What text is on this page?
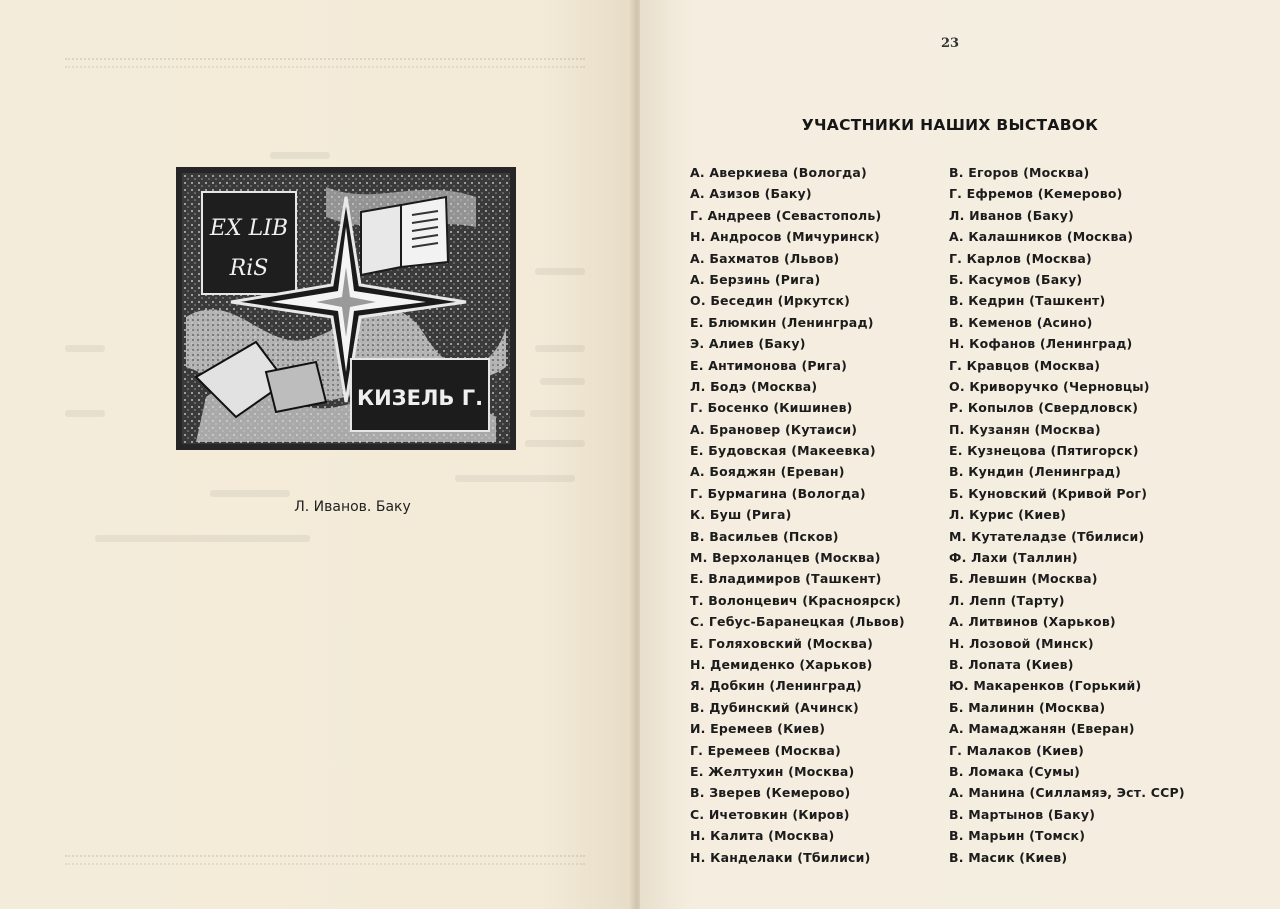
ЕX LIB
RiS
КИЗЕЛЬ Г.
Л. Иванов. Баку
23
УЧАСТНИКИ НАШИХ ВЫСТАВОК
А. Аверкиева (Вологда)
А. Азизов (Баку)
Г. Андреев (Севастополь)
Н. Андросов (Мичуринск)
А. Бахматов (Львов)
А. Берзинь (Рига)
О. Беседин (Иркутск)
Е. Блюмкин (Ленинград)
Э. Алиев (Баку)
Е. Антимонова (Рига)
Л. Бодэ (Москва)
Г. Босенко (Кишинев)
А. Брановер (Кутаиси)
Е. Будовская (Макеевка)
А. Бояджян (Ереван)
Г. Бурмагина (Вологда)
К. Буш (Рига)
В. Васильев (Псков)
М. Верхоланцев (Москва)
Е. Владимиров (Ташкент)
Т. Волонцевич (Красноярск)
С. Гебус-Баранецкая (Львов)
Е. Голяховский (Москва)
Н. Демиденко (Харьков)
Я. Добкин (Ленинград)
В. Дубинский (Ачинск)
И. Еремеев (Киев)
Г. Еремеев (Москва)
Е. Желтухин (Москва)
В. Зверев (Кемерово)
С. Ичетовкин (Киров)
Н. Калита (Москва)
Н. Канделаки (Тбилиси)
В. Егоров (Москва)
Г. Ефремов (Кемерово)
Л. Иванов (Баку)
А. Калашников (Москва)
Г. Карлов (Москва)
Б. Касумов (Баку)
В. Кедрин (Ташкент)
В. Кеменов (Асино)
Н. Кофанов (Ленинград)
Г. Кравцов (Москва)
О. Криворучко (Черновцы)
Р. Копылов (Свердловск)
П. Кузанян (Москва)
Е. Кузнецова (Пятигорск)
В. Кундин (Ленинград)
Б. Куновский (Кривой Рог)
Л. Курис (Киев)
М. Кутателадзе (Тбилиси)
Ф. Лахи (Таллин)
Б. Левшин (Москва)
Л. Лепп (Тарту)
А. Литвинов (Харьков)
Н. Лозовой (Минск)
В. Лопата (Киев)
Ю. Макаренков (Горький)
Б. Малинин (Москва)
А. Мамаджанян (Евeран)
Г. Малаков (Киев)
В. Ломака (Сумы)
А. Манина (Силламяэ, Эст. ССР)
В. Мартынов (Баку)
В. Марьин (Томск)
В. Масик (Киев)
